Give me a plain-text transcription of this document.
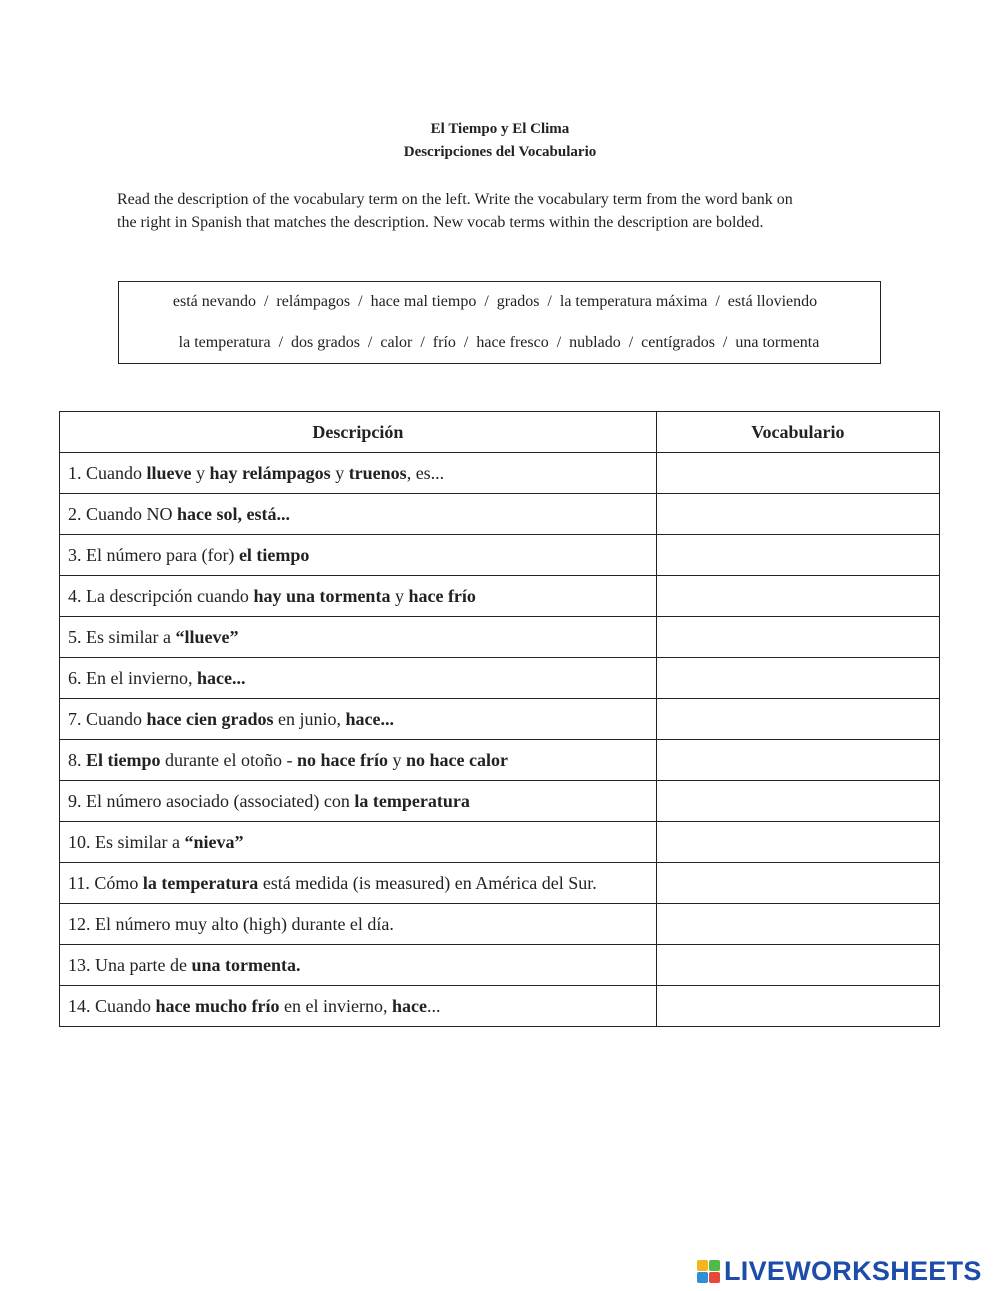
El Tiempo y El Clima
Descripciones del Vocabulario
Read the description of the vocabulary term on the left. Write the vocabulary term from the word bank on
the right in Spanish that matches the description. New vocab terms within the description are bolded.
está nevando  /  relámpagos  /  hace mal tiempo  /  grados  /  la temperatura máxima  /  está lloviendo
la temperatura  /  dos grados  /  calor  /  frío  /  hace fresco  /  nublado  /  centígrados  /  una tormenta
Descripción	Vocabulario
1. Cuando llueve y hay relámpagos y truenos, es...	
2. Cuando NO hace sol, está...	
3. El número para (for) el tiempo	
4. La descripción cuando hay una tormenta y hace frío	
5. Es similar a “llueve”	
6. En el invierno, hace...	
7. Cuando hace cien grados en junio, hace...	
8. El tiempo durante el otoño - no hace frío y no hace calor	
9. El número asociado (associated) con la temperatura	
10. Es similar a “nieva”	
11. Cómo la temperatura está medida (is measured) en América del Sur.	
12. El número muy alto (high) durante el día.	
13. Una parte de una tormenta.	
14. Cuando hace mucho frío en el invierno, hace...	
LIVEWORKSHEETS
